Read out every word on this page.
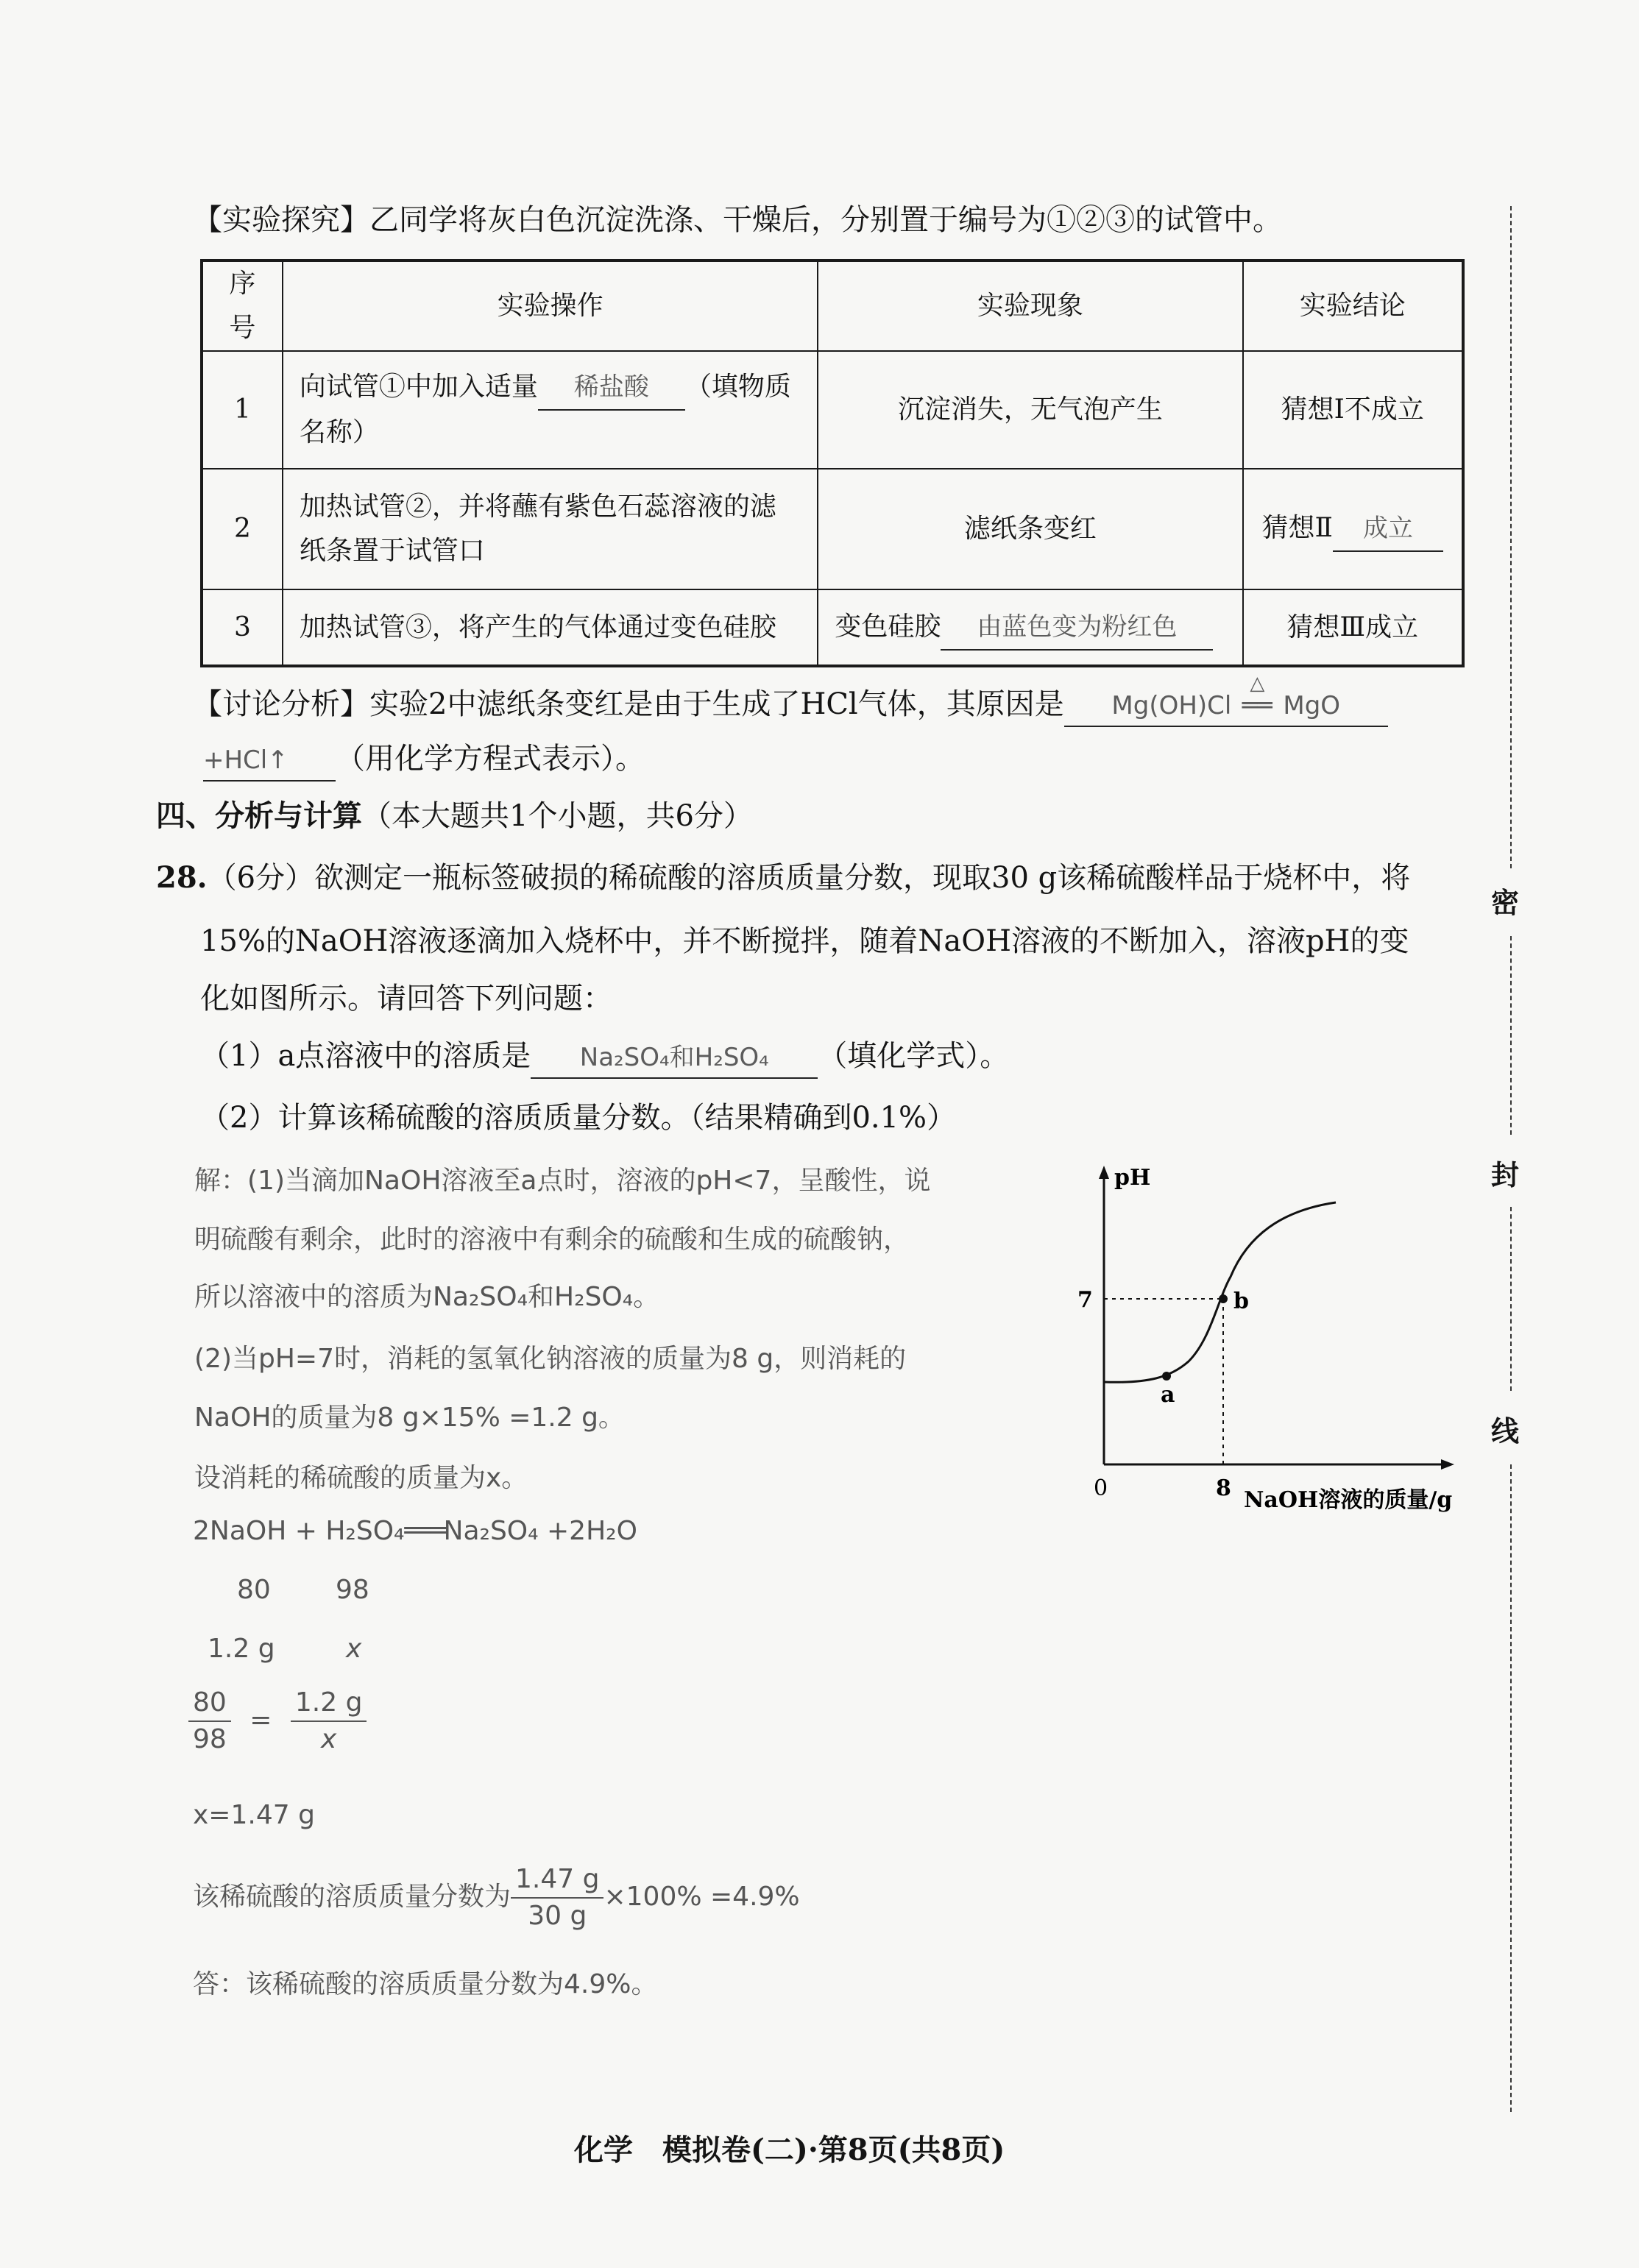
【实验探究】乙同学将灰白色沉淀洗涤、干燥后，分别置于编号为①②③的试管中。
序号	实验操作	实验现象	实验结论
1	向试管①中加入适量 稀盐酸 （填物质
名称）	沉淀消失，无气泡产生	猜想Ⅰ不成立
2	加热试管②，并将蘸有紫色石蕊溶液的滤
纸条置于试管口	滤纸条变红	猜想Ⅱ 成立
3	加热试管③，将产生的气体通过变色硅胶	变色硅胶 由蓝色变为粉红色	猜想Ⅲ成立
【讨论分析】实验2中滤纸条变红是由于生成了HCl气体，其原因是 Mg(OH)Cl
△
══ MgO
+HCl↑ （用化学方程式表示）。
四、分析与计算（本大题共1个小题，共6分）
28.（6分）欲测定一瓶标签破损的稀硫酸的溶质质量分数，现取30 g该稀硫酸样品于烧杯中，将
15%的NaOH溶液逐滴加入烧杯中，并不断搅拌，随着NaOH溶液的不断加入，溶液pH的变
化如图所示。请回答下列问题：
（1）a点溶液中的溶质是 Na₂SO₄和H₂SO₄ （填化学式）。
（2）计算该稀硫酸的溶质质量分数。（结果精确到0.1%）
解：(1)当滴加NaOH溶液至a点时，溶液的pH<7，呈酸性，说
明硫酸有剩余，此时的溶液中有剩余的硫酸和生成的硫酸钠，
所以溶液中的溶质为Na₂SO₄和H₂SO₄。
(2)当pH=7时，消耗的氢氧化钠溶液的质量为8 g，则消耗的
NaOH的质量为8 g×15% =1.2 g。
设消耗的稀硫酸的质量为x。
2NaOH + H₂SO₄═══Na₂SO₄ +2H₂O
80 98
1.2 g	x
$\frac{80}{98} = \frac{1.2 g}{x}$
x=1.47 g
该稀硫酸的溶质质量分数为 $\frac{1.47 g}{30 g} \times 100\% =4.9\%$
答：该稀硫酸的溶质质量分数为4.9%。
pH
7
a
b
0	8 NaOH溶液的质量/g
密
封
线
化学　模拟卷(二)·第8页(共8页)
